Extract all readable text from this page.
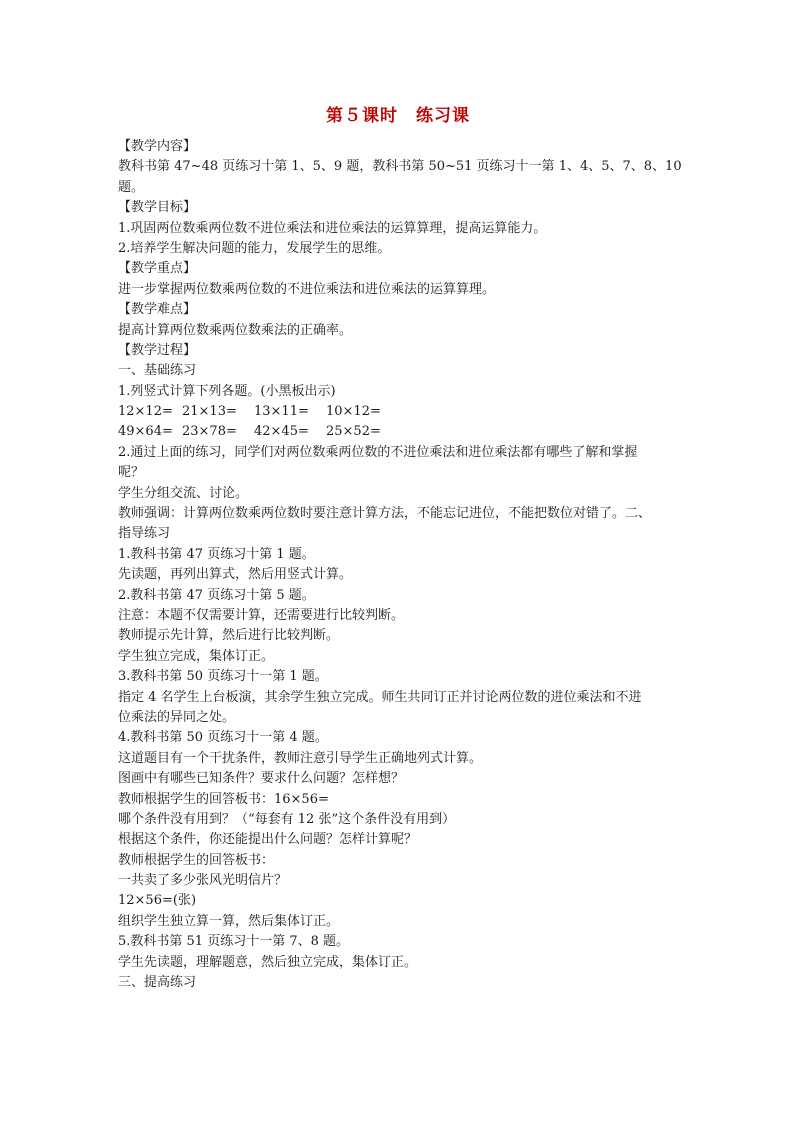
第５课时　练习课
【教学内容】
教科书第 47~48 页练习十第 1、5、9 题，教科书第 50~51 页练习十一第 1、4、5、7、8、10
题。
【教学目标】
1.巩固两位数乘两位数不进位乘法和进位乘法的运算算理，提高运算能力。
2.培养学生解决问题的能力，发展学生的思维。
【教学重点】
进一步掌握两位数乘两位数的不进位乘法和进位乘法的运算算理。
【教学难点】
提高计算两位数乘两位数乘法的正确率。
【教学过程】
一、基础练习
1.列竖式计算下列各题。(小黑板出示)
12×12= 21×13=	13×11=	10×12=
49×64= 23×78=	42×45=	25×52=
2.通过上面的练习，同学们对两位数乘两位数的不进位乘法和进位乘法都有哪些了解和掌握
呢？
学生分组交流、讨论。
教师强调：计算两位数乘两位数时要注意计算方法，不能忘记进位，不能把数位对错了。二、
指导练习
1.教科书第 47 页练习十第 1 题。
先读题，再列出算式，然后用竖式计算。
2.教科书第 47 页练习十第 5 题。
注意：本题不仅需要计算，还需要进行比较判断。
教师提示先计算，然后进行比较判断。
学生独立完成，集体订正。
3.教科书第 50 页练习十一第 1 题。
指定 4 名学生上台板演，其余学生独立完成。师生共同订正并讨论两位数的进位乘法和不进
位乘法的异同之处。
4.教科书第 50 页练习十一第 4 题。
这道题目有一个干扰条件，教师注意引导学生正确地列式计算。
图画中有哪些已知条件？要求什么问题？怎样想？
教师根据学生的回答板书：16×56=
哪个条件没有用到？（“每套有 12 张”这个条件没有用到）
根据这个条件，你还能提出什么问题？怎样计算呢？
教师根据学生的回答板书：
一共卖了多少张风光明信片？
12×56=(张)
组织学生独立算一算，然后集体订正。
5.教科书第 51 页练习十一第 7、8 题。
学生先读题，理解题意，然后独立完成，集体订正。
三、提高练习
